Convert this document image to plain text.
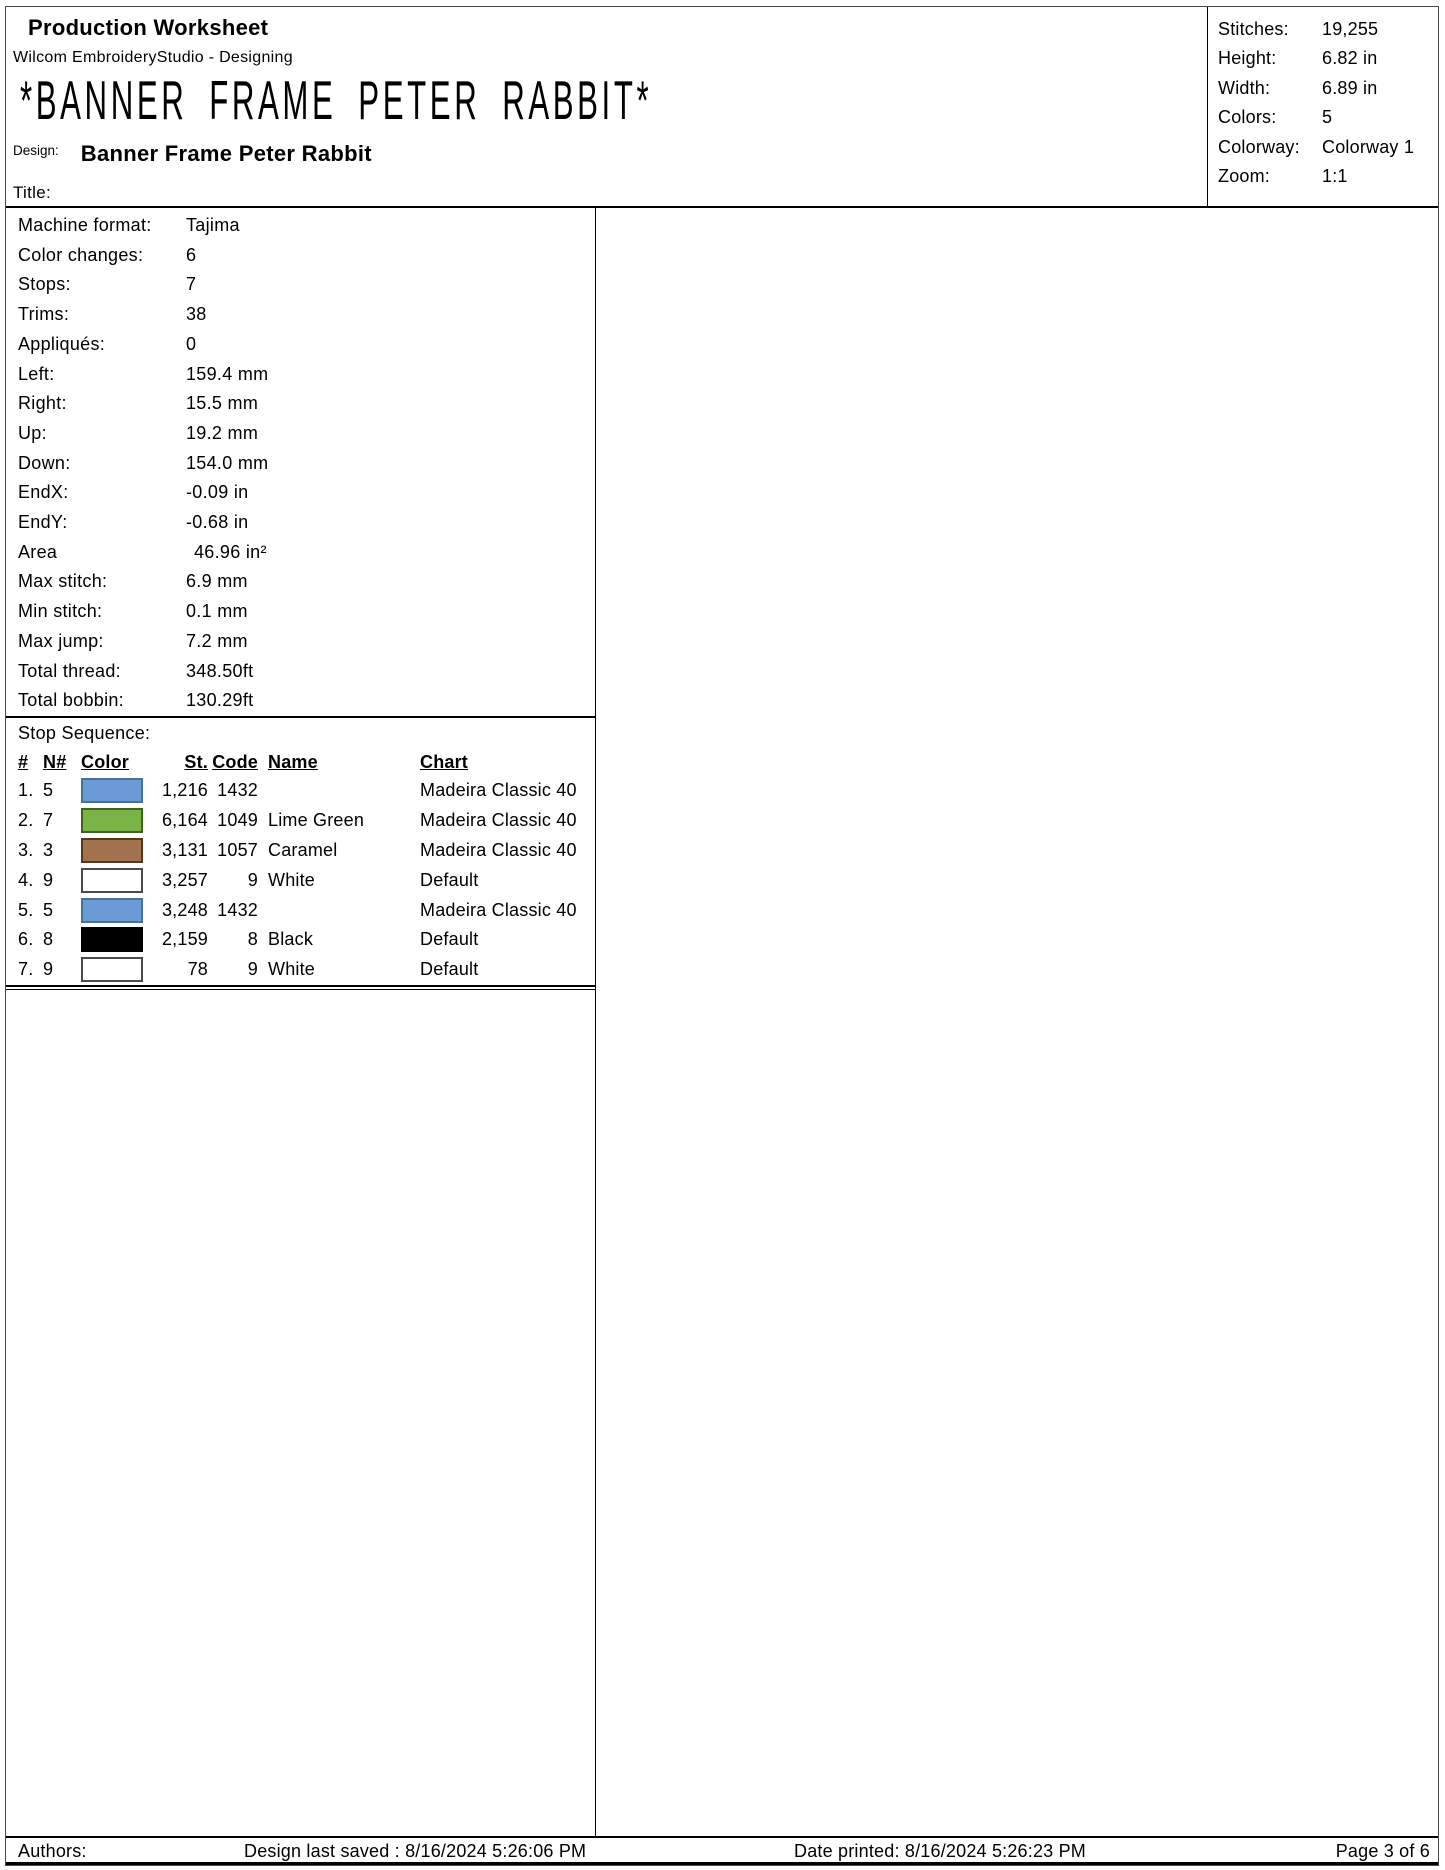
Production Worksheet
Wilcom EmbroideryStudio - Designing
*BANNER FRAME PETER RABBIT*
Design: Banner Frame Peter Rabbit
Title:
Stitches:	19,255
Height:	6.82 in
Width:	6.89 in
Colors:	5
Colorway:	Colorway 1
Zoom:	1:1
Machine format:	Tajima
Color changes:	6
Stops:	7
Trims:	38
Appliqués:	0
Left:	159.4 mm
Right:	15.5 mm
Up:	19.2 mm
Down:	154.0 mm
EndX:	-0.09 in
EndY:	-0.68 in
Area	46.96 in²
Max stitch:	6.9 mm
Min stitch:	0.1 mm
Max jump:	7.2 mm
Total thread:	348.50ft
Total bobbin:	130.29ft
Stop Sequence:
# N# Color	St. Code Name	Chart
1. 5	1,216 1432	Madeira Classic 40
2. 7	6,164 1049 Lime Green	Madeira Classic 40
3. 3	3,131 1057 Caramel	Madeira Classic 40
4. 9	3,257	9 White	Default
5. 5	3,248 1432	Madeira Classic 40
6. 8	2,159	8 Black	Default
7. 9	78	9 White	Default
Authors:	Design last saved : 8/16/2024 5:26:06 PM	Date printed: 8/16/2024 5:26:23 PM	Page 3 of 6
